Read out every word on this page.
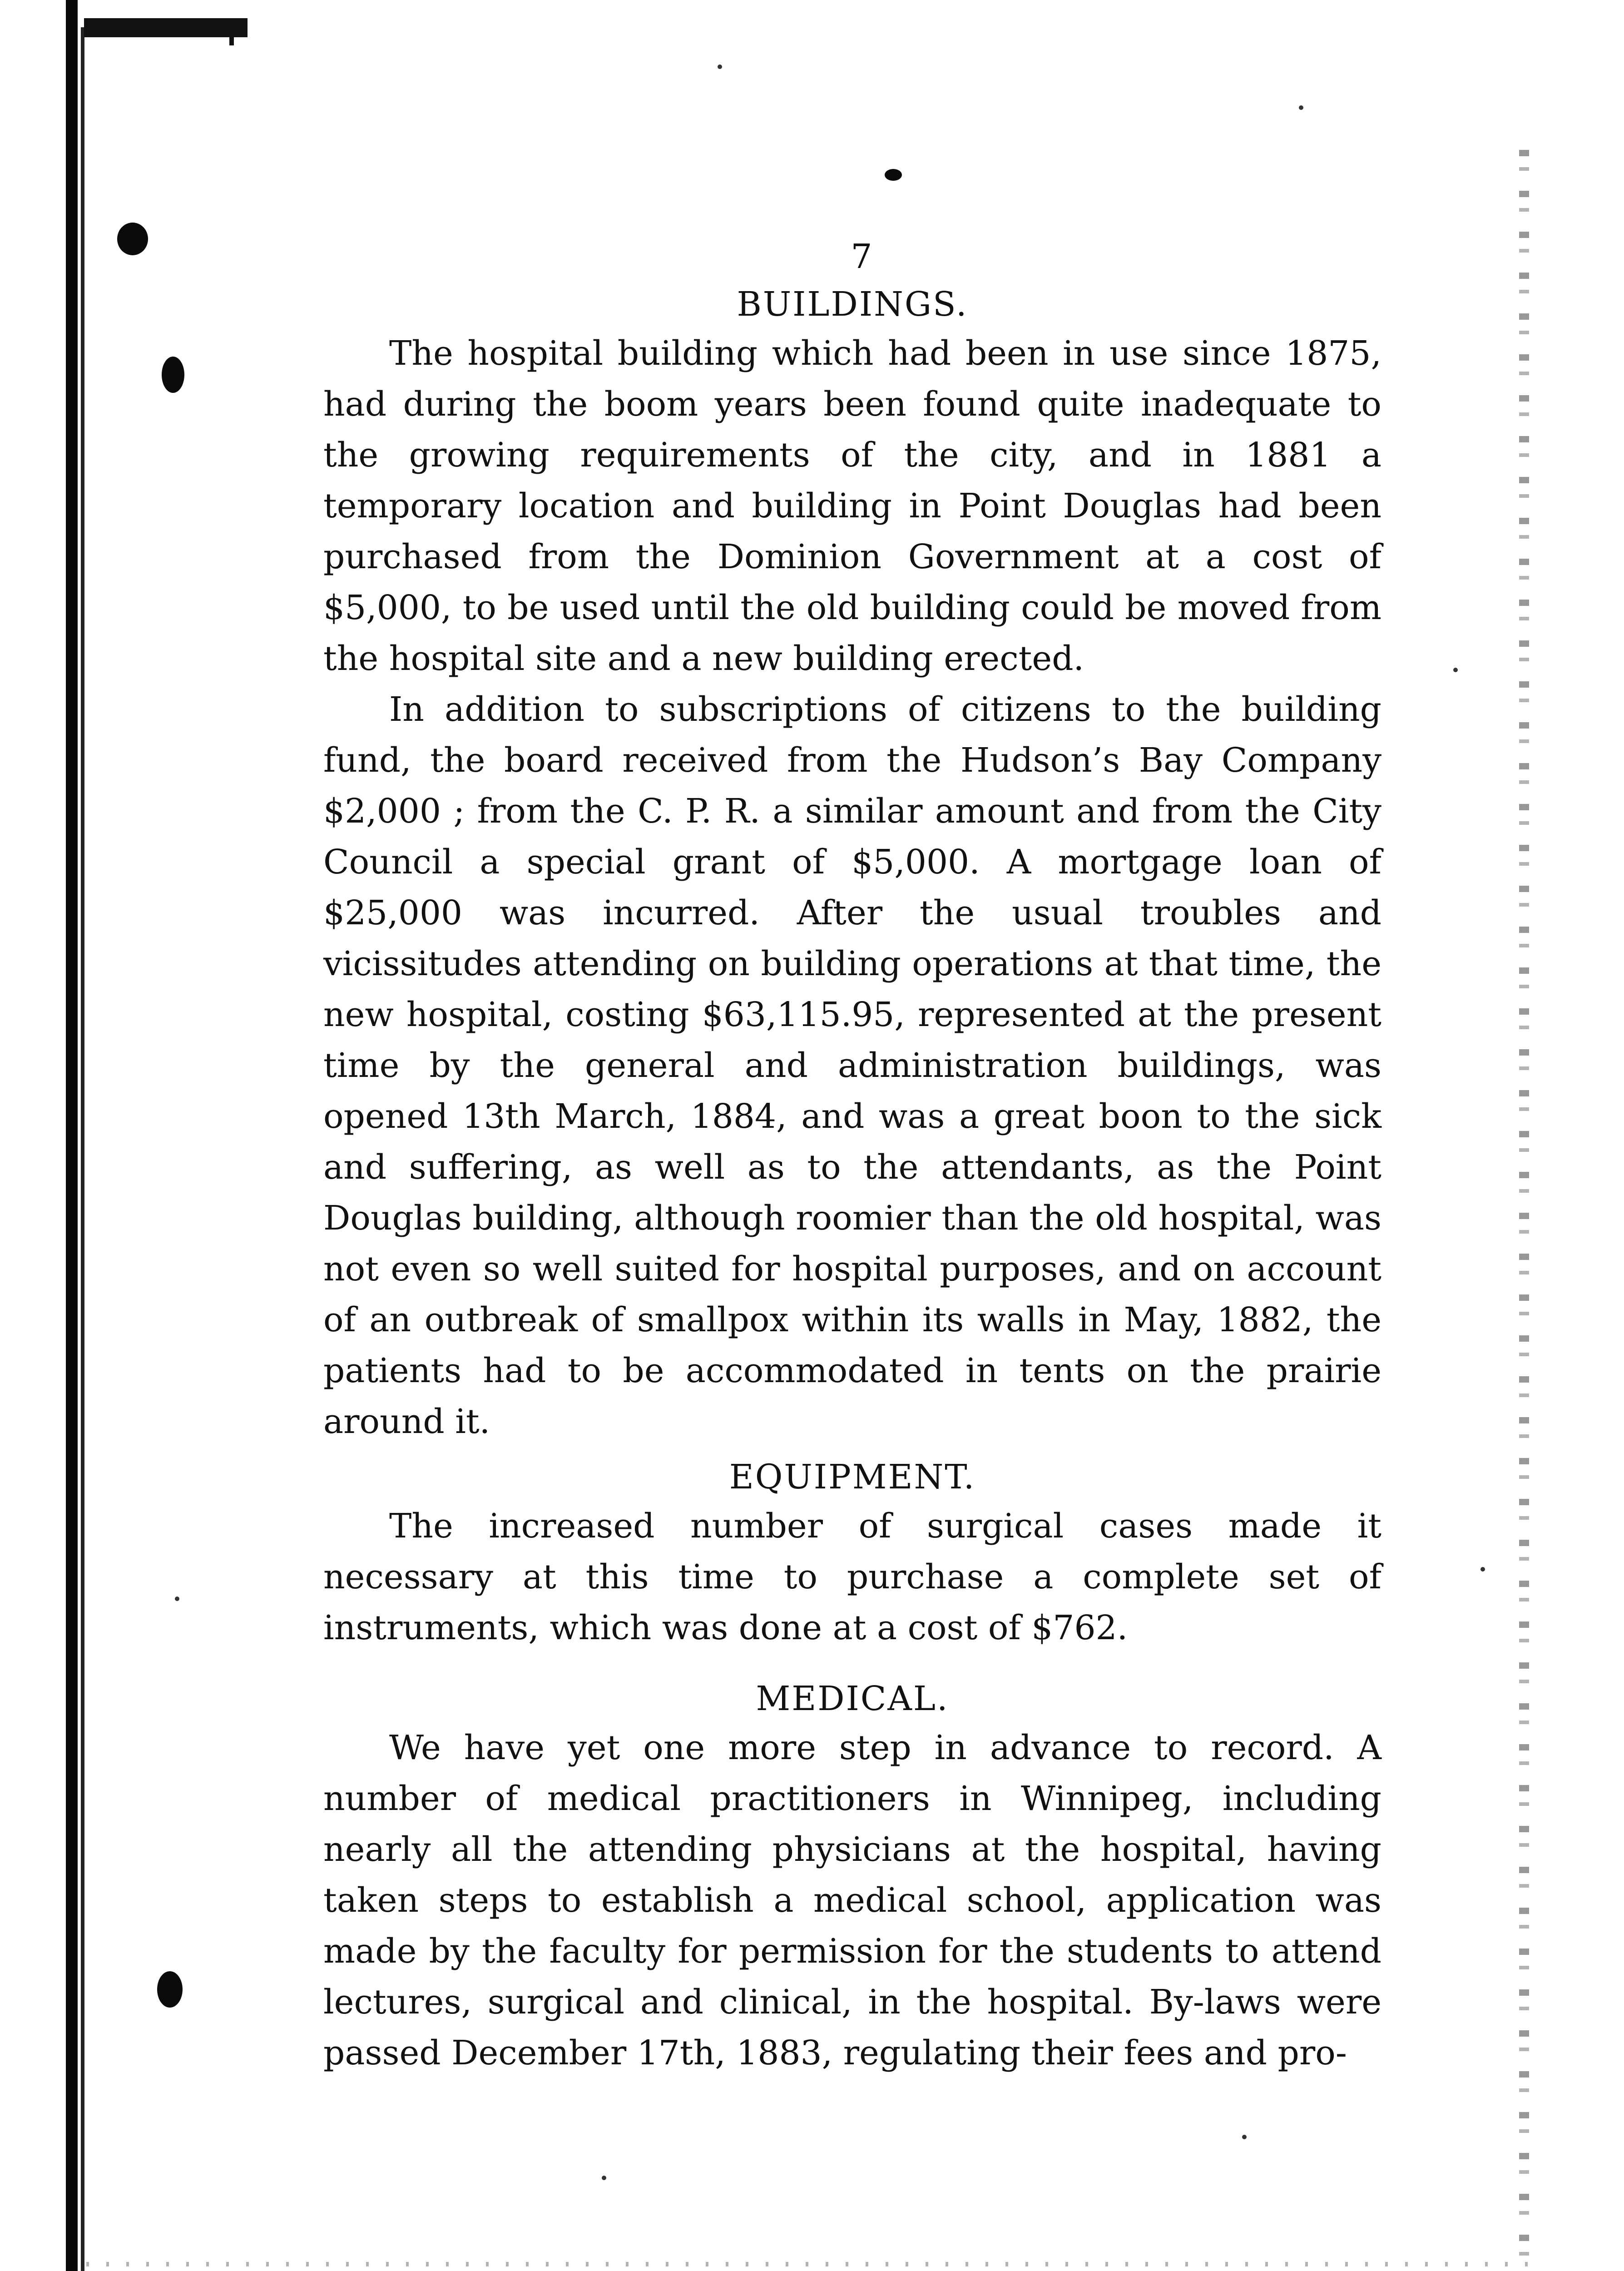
7
BUILDINGS.

The hospital building which had been in use since 1875, had during the boom years been found quite inadequate to the growing requirements of the city, and in 1881 a temporary location and building in Point Douglas had been purchased from the Dominion Government at a cost of $5,000, to be used until the old building could be moved from the hospital site and a new building erected.

In addition to subscriptions of citizens to the building fund, the board received from the Hudson’s Bay Company $2,000 ; from the C. P. R. a similar amount and from the City Council a special grant of $5,000. A mortgage loan of $25,000 was incurred. After the usual troubles and vicissitudes attending on building operations at that time, the new hospital, costing $63,115.95, represented at the present time by the general and administration buildings, was opened 13th March, 1884, and was a great boon to the sick and suffering, as well as to the attendants, as the Point Douglas building, although roomier than the old hospital, was not even so well suited for hospital purposes, and on account of an outbreak of smallpox within its walls in May, 1882, the patients had to be accommodated in tents on the prairie around it.

EQUIPMENT.

The increased number of surgical cases made it necessary at this time to purchase a complete set of instruments, which was done at a cost of $762.

MEDICAL.

We have yet one more step in advance to record. A number of medical practitioners in Winnipeg, including nearly all the attending physicians at the hospital, having taken steps to establish a medical school, application was made by the faculty for permission for the students to attend lectures, surgical and clinical, in the hospital. By-laws were passed December 17th, 1883, regulating their fees and pro-
